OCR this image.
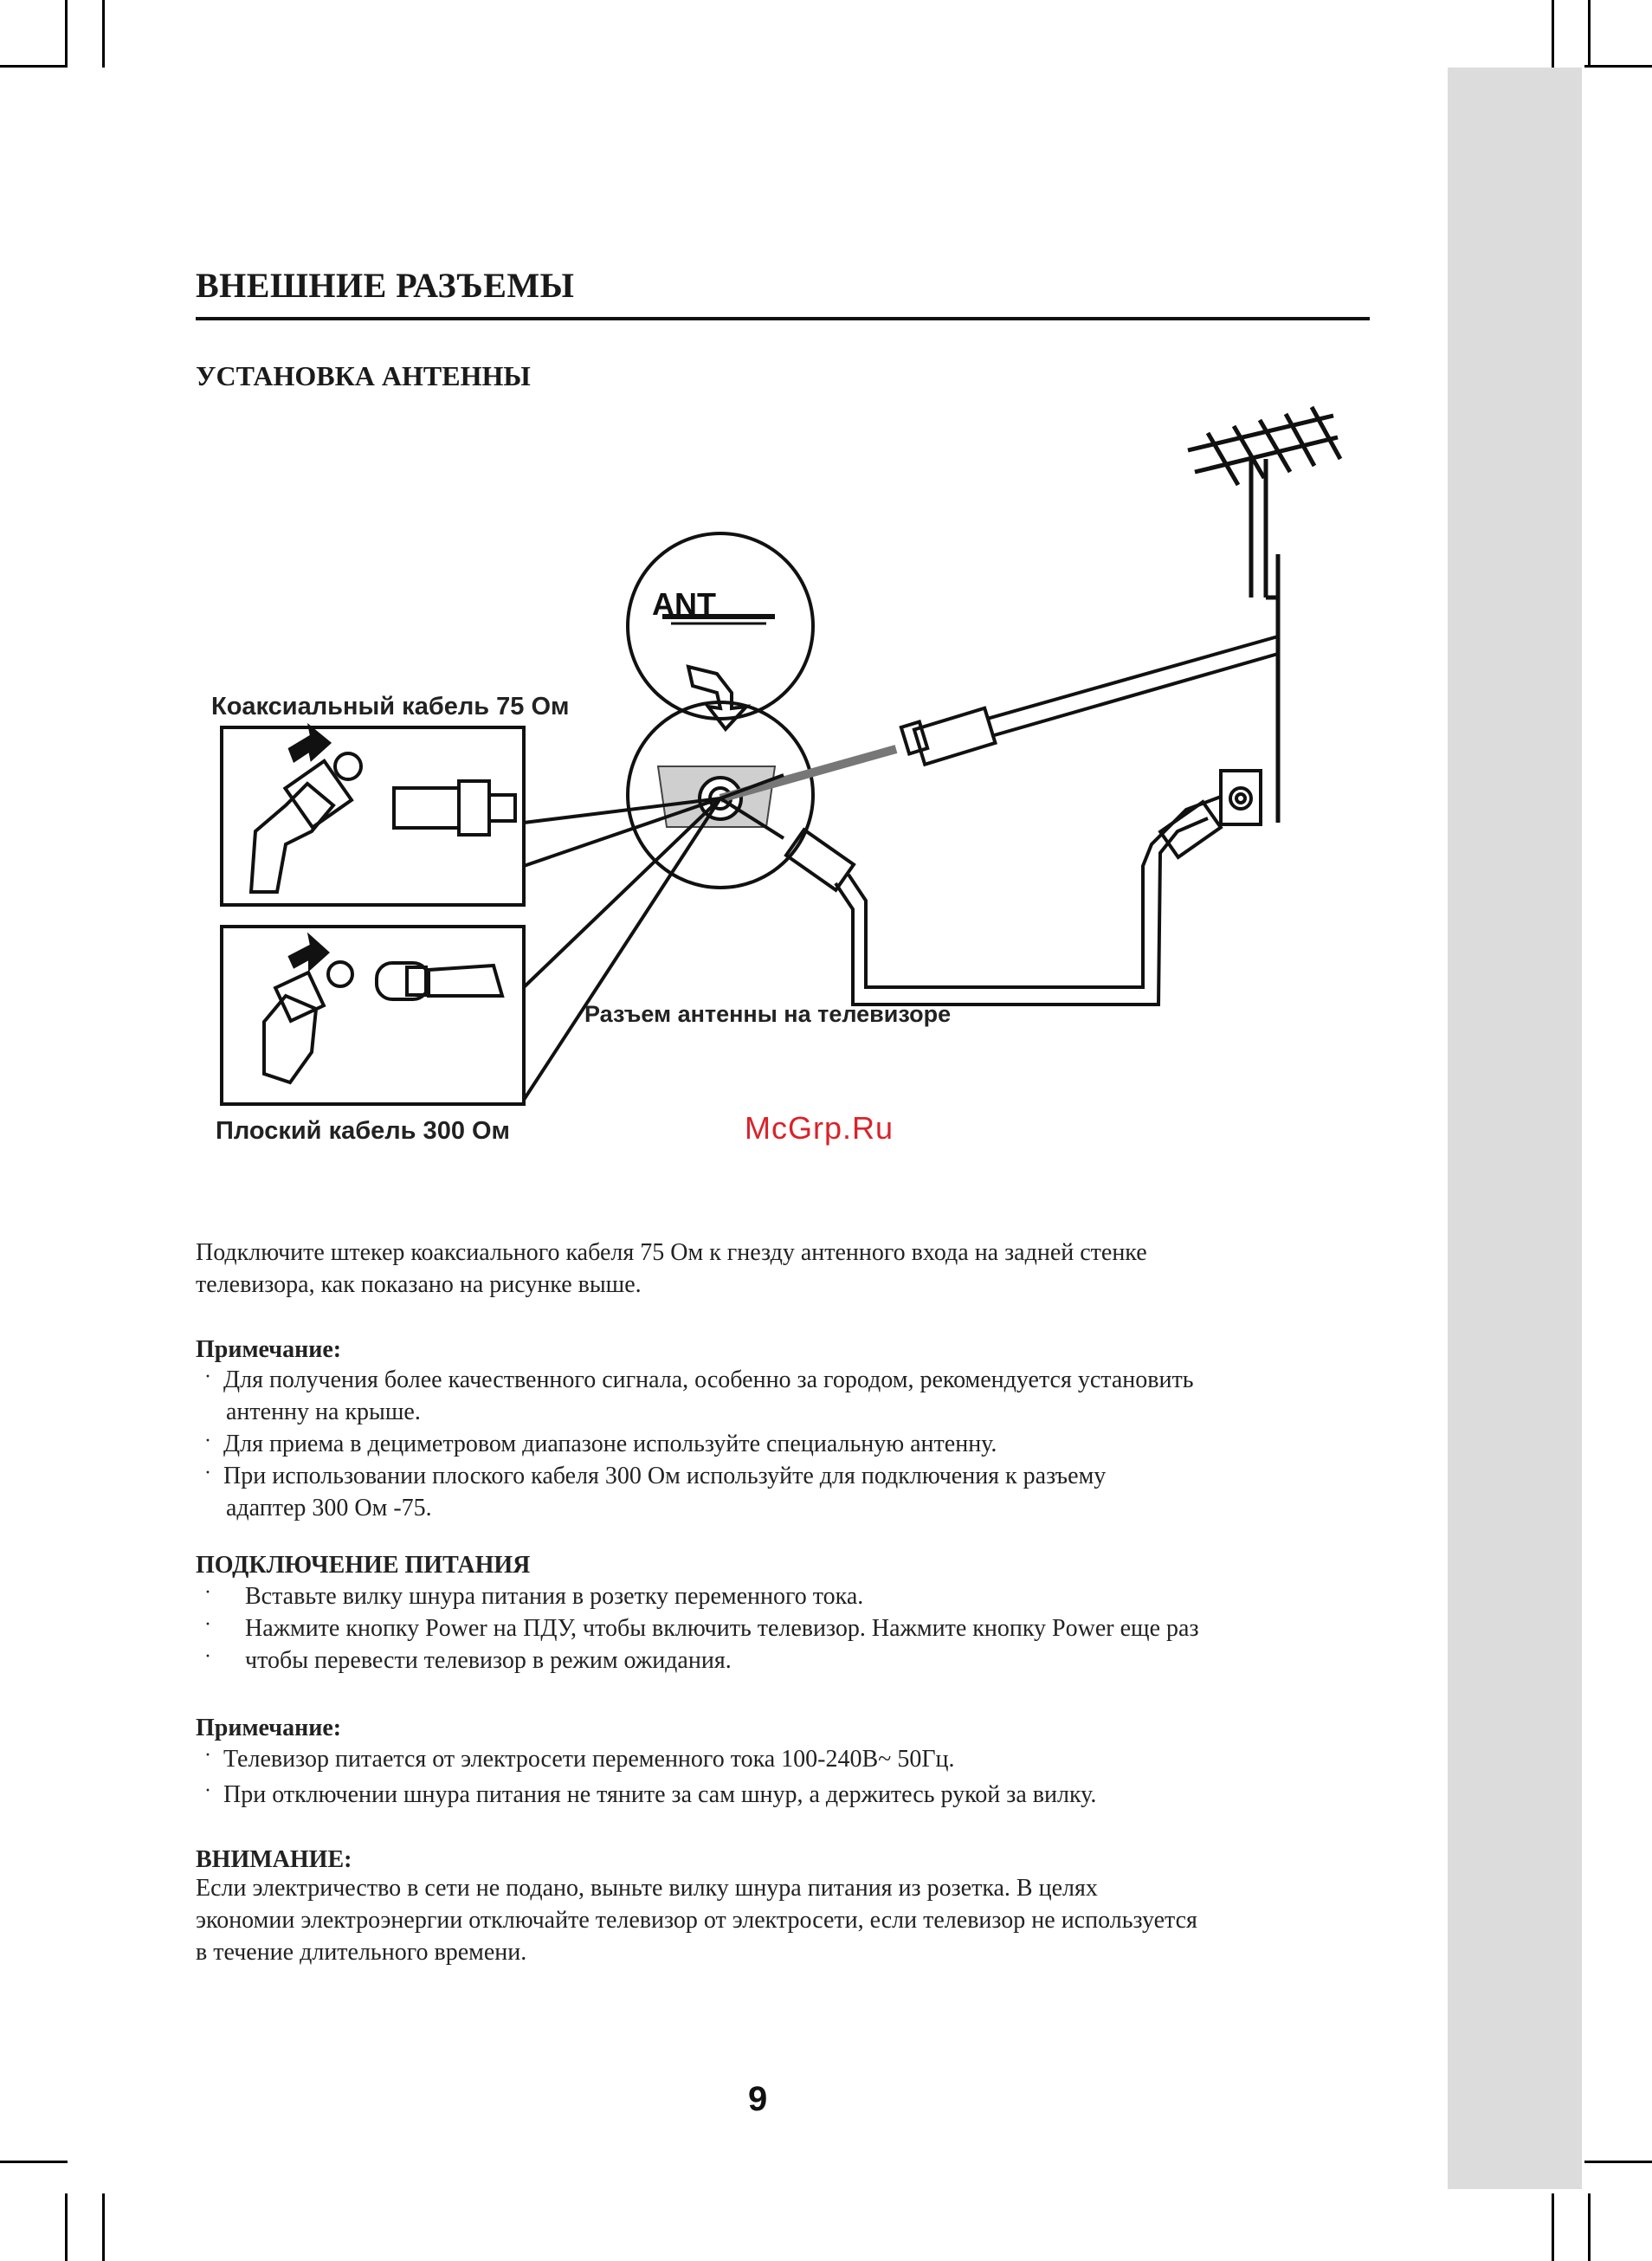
ВНЕШНИЕ РАЗЪЕМЫ
УСТАНОВКА АНТЕННЫ
ANT
Коаксиальный кабель 75 Ом
Плоский кабель 300 Ом
Разъем антенны на телевизоре
McGrp.Ru
Подключите штекер коаксиального кабеля 75 Ом к гнезду антенного входа на задней стенке
телевизора, как показано на рисунке выше.
Примечание:
· Для получения более качественного сигнала, особенно за городом, рекомендуется установить
антенну на крыше.
· Для приема в дециметровом диапазоне используйте специальную антенну.
· При использовании плоского кабеля 300 Ом используйте для подключения к разъему
адаптер 300 Ом -75.
ПОДКЛЮЧЕНИЕ ПИТАНИЯ
· Вставьте вилку шнура питания в розетку переменного тока.
· Нажмите кнопку Power на ПДУ, чтобы включить телевизор. Нажмите кнопку Power еще раз
· чтобы перевести телевизор в режим ожидания.
Примечание:
· Телевизор питается от электросети переменного тока 100-240В~ 50Гц.
· При отключении шнура питания не тяните за сам шнур, а держитесь рукой за вилку.
ВНИМАНИЕ:
Если электричество в сети не подано, выньте вилку шнура питания из розетка. В целях
экономии электроэнергии отключайте телевизор от электросети, если телевизор не используется
в течение длительного времени.
9
